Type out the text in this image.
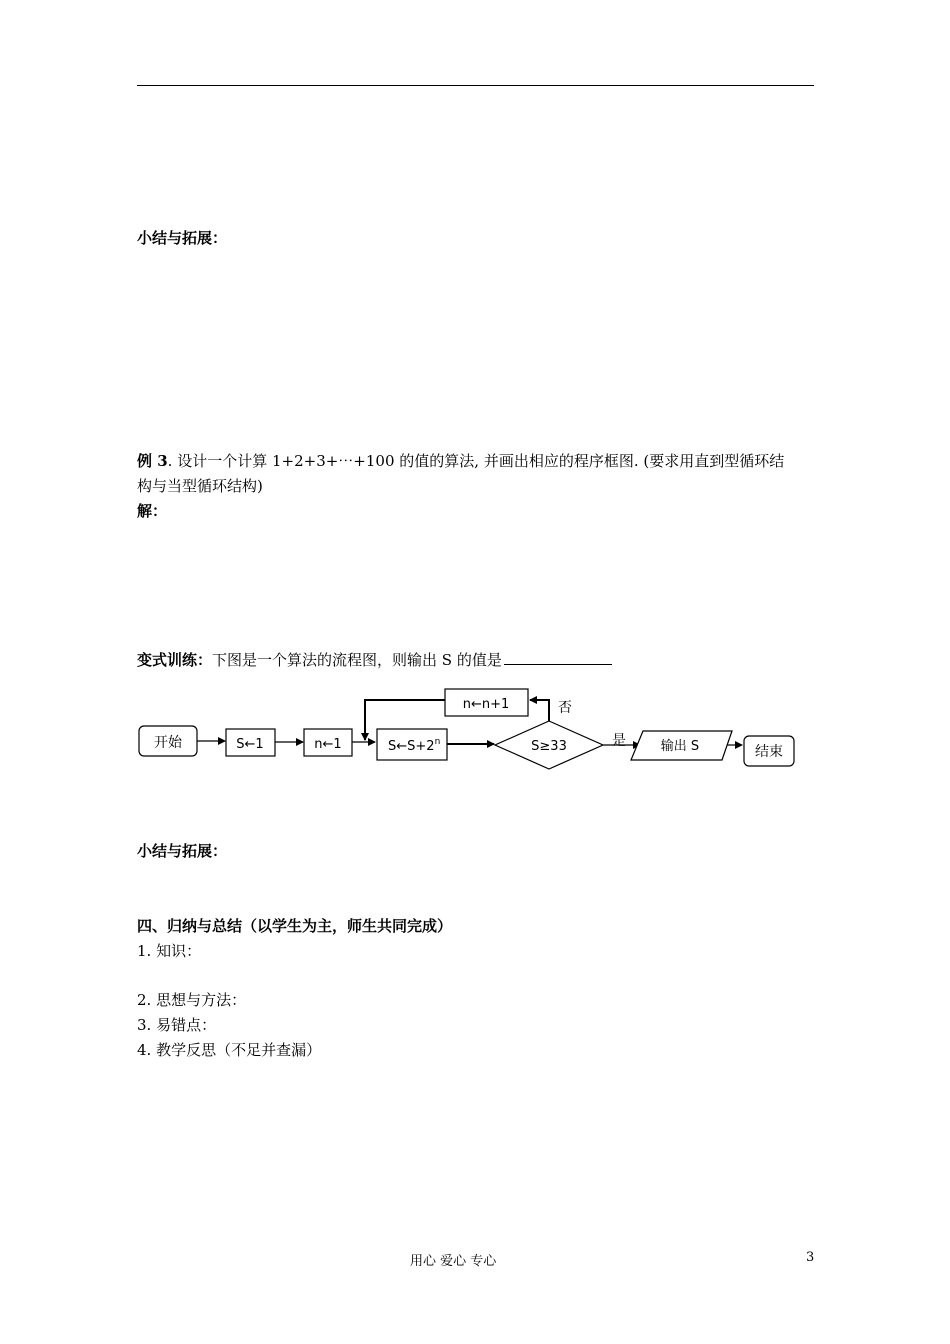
小结与拓展：
例 3. 设计一个计算 1+2+3+⋯+100 的值的算法, 并画出相应的程序框图. (要求用直到型循环结
构与当型循环结构)
解：
变式训练：下图是一个算法的流程图，则输出 S 的值是
开始	S←1	n←1	$S\leftarrow S+2^n$	S≥33
否
n←n+1
是	输出 S	结束
小结与拓展：
四、归纳与总结（以学生为主，师生共同完成）
1. 知识：
2. 思想与方法：
3. 易错点：
4. 教学反思（不足并查漏）
用心 爱心 专心	3
